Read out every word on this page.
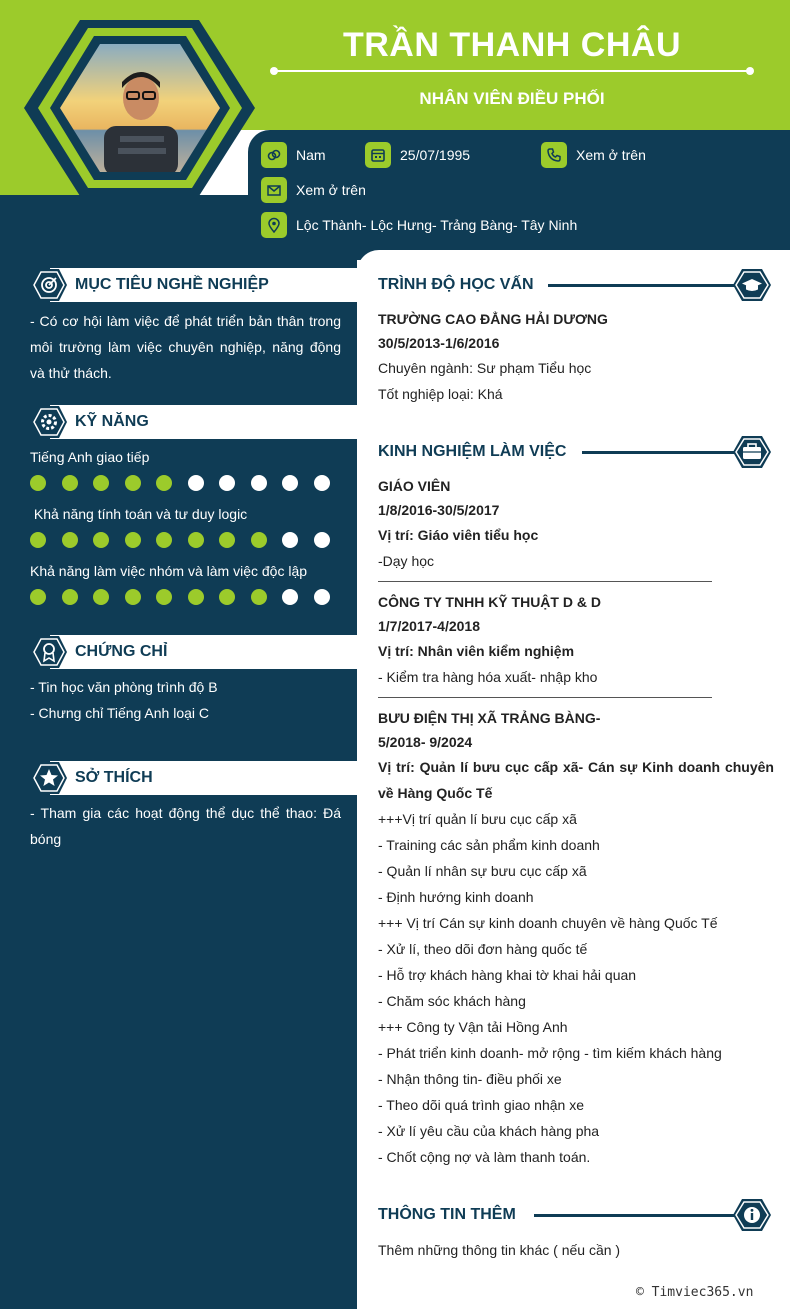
TRẦN THANH CHÂU
NHÂN VIÊN ĐIỀU PHỐI
Nam	25/07/1995	Xem ở trên
Xem ở trên
Lộc Thành- Lộc Hưng- Trảng Bàng- Tây Ninh
MỤC TIÊU NGHỀ NGHIỆP
- Có cơ hội làm việc để phát triển bản thân trong môi trường làm việc chuyên nghiệp, năng động và thử thách.
KỸ NĂNG
Tiếng Anh giao tiếp
Khả năng tính toán và tư duy logic
Khả năng làm việc nhóm và làm việc độc lập
CHỨNG CHỈ
- Tin học văn phòng trình độ B
- Chưng chỉ Tiếng Anh loại C
SỞ THÍCH
- Tham gia các hoạt động thể dục thể thao: Đá bóng
TRÌNH ĐỘ HỌC VẤN
TRƯỜNG CAO ĐẲNG HẢI DƯƠNG
30/5/2013-1/6/2016
Chuyên ngành: Sư phạm Tiểu học
Tốt nghiệp loại: Khá
KINH NGHIỆM LÀM VIỆC
GIÁO VIÊN
1/8/2016-30/5/2017
Vị trí: Giáo viên tiểu học
-Dạy học
CÔNG TY TNHH KỸ THUẬT D & D
1/7/2017-4/2018
Vị trí: Nhân viên kiểm nghiệm
- Kiểm tra hàng hóa xuất- nhập kho
BƯU ĐIỆN THỊ XÃ TRẢNG BÀNG-
5/2018- 9/2024
Vị trí: Quản lí bưu cục cấp xã- Cán sự Kinh doanh chuyên về Hàng Quốc Tế
+++Vị trí quản lí bưu cục cấp xã
- Training các sản phẩm kinh doanh
- Quản lí nhân sự bưu cục cấp xã
- Định hướng kinh doanh
+++ Vị trí Cán sự kinh doanh chuyên về hàng Quốc Tế
- Xử lí, theo dõi đơn hàng quốc tế
- Hỗ trợ khách hàng khai tờ khai hải quan
- Chăm sóc khách hàng
+++ Công ty Vận tải Hồng Anh
- Phát triển kinh doanh- mở rộng - tìm kiếm khách hàng
- Nhận thông tin- điều phối xe
- Theo dõi quá trình giao nhận xe
- Xử lí yêu cầu của khách hàng pha
- Chốt cộng nợ và làm thanh toán.
THÔNG TIN THÊM
Thêm những thông tin khác ( nếu cần )
© Timviec365.vn
